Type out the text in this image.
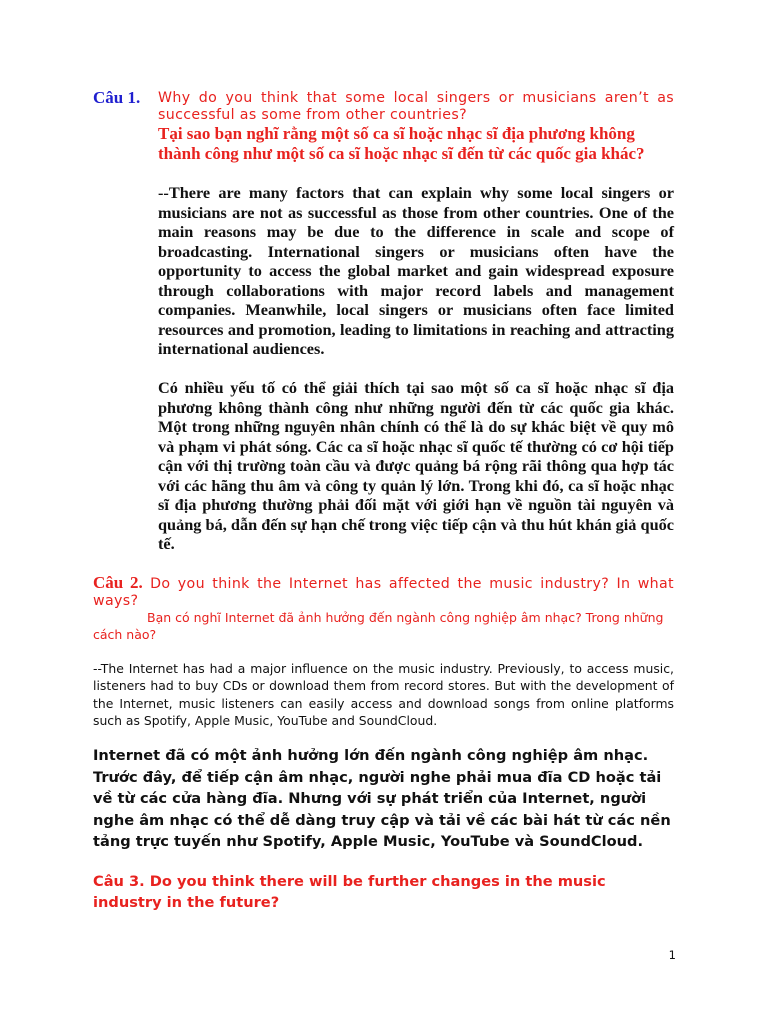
Câu 1. Why do you think that some local singers or musicians aren’t as successful as some from other countries?
Tại sao bạn nghĩ rằng một số ca sĩ hoặc nhạc sĩ địa phương không thành công như một số ca sĩ hoặc nhạc sĩ đến từ các quốc gia khác?
--There are many factors that can explain why some local singers or musicians are not as successful as those from other countries. One of the main reasons may be due to the difference in scale and scope of broadcasting. International singers or musicians often have the opportunity to access the global market and gain widespread exposure through collaborations with major record labels and management companies. Meanwhile, local singers or musicians often face limited resources and promotion, leading to limitations in reaching and attracting international audiences.
Có nhiều yếu tố có thể giải thích tại sao một số ca sĩ hoặc nhạc sĩ địa phương không thành công như những người đến từ các quốc gia khác. Một trong những nguyên nhân chính có thể là do sự khác biệt về quy mô và phạm vi phát sóng. Các ca sĩ hoặc nhạc sĩ quốc tế thường có cơ hội tiếp cận với thị trường toàn cầu và được quảng bá rộng rãi thông qua hợp tác với các hãng thu âm và công ty quản lý lớn. Trong khi đó, ca sĩ hoặc nhạc sĩ địa phương thường phải đối mặt với giới hạn về nguồn tài nguyên và quảng bá, dẫn đến sự hạn chế trong việc tiếp cận và thu hút khán giả quốc tế.
Câu 2. Do you think the Internet has affected the music industry? In what ways?
Bạn có nghĩ Internet đã ảnh hưởng đến ngành công nghiệp âm nhạc? Trong những cách nào?
--The Internet has had a major influence on the music industry. Previously, to access music, listeners had to buy CDs or download them from record stores. But with the development of the Internet, music listeners can easily access and download songs from online platforms such as Spotify, Apple Music, YouTube and SoundCloud.
Internet đã có một ảnh hưởng lớn đến ngành công nghiệp âm nhạc. Trước đây, để tiếp cận âm nhạc, người nghe phải mua đĩa CD hoặc tải về từ các cửa hàng đĩa. Nhưng với sự phát triển của Internet, người nghe âm nhạc có thể dễ dàng truy cập và tải về các bài hát từ các nền tảng trực tuyến như Spotify, Apple Music, YouTube và SoundCloud.
Câu 3. Do you think there will be further changes in the music industry in the future?
1
